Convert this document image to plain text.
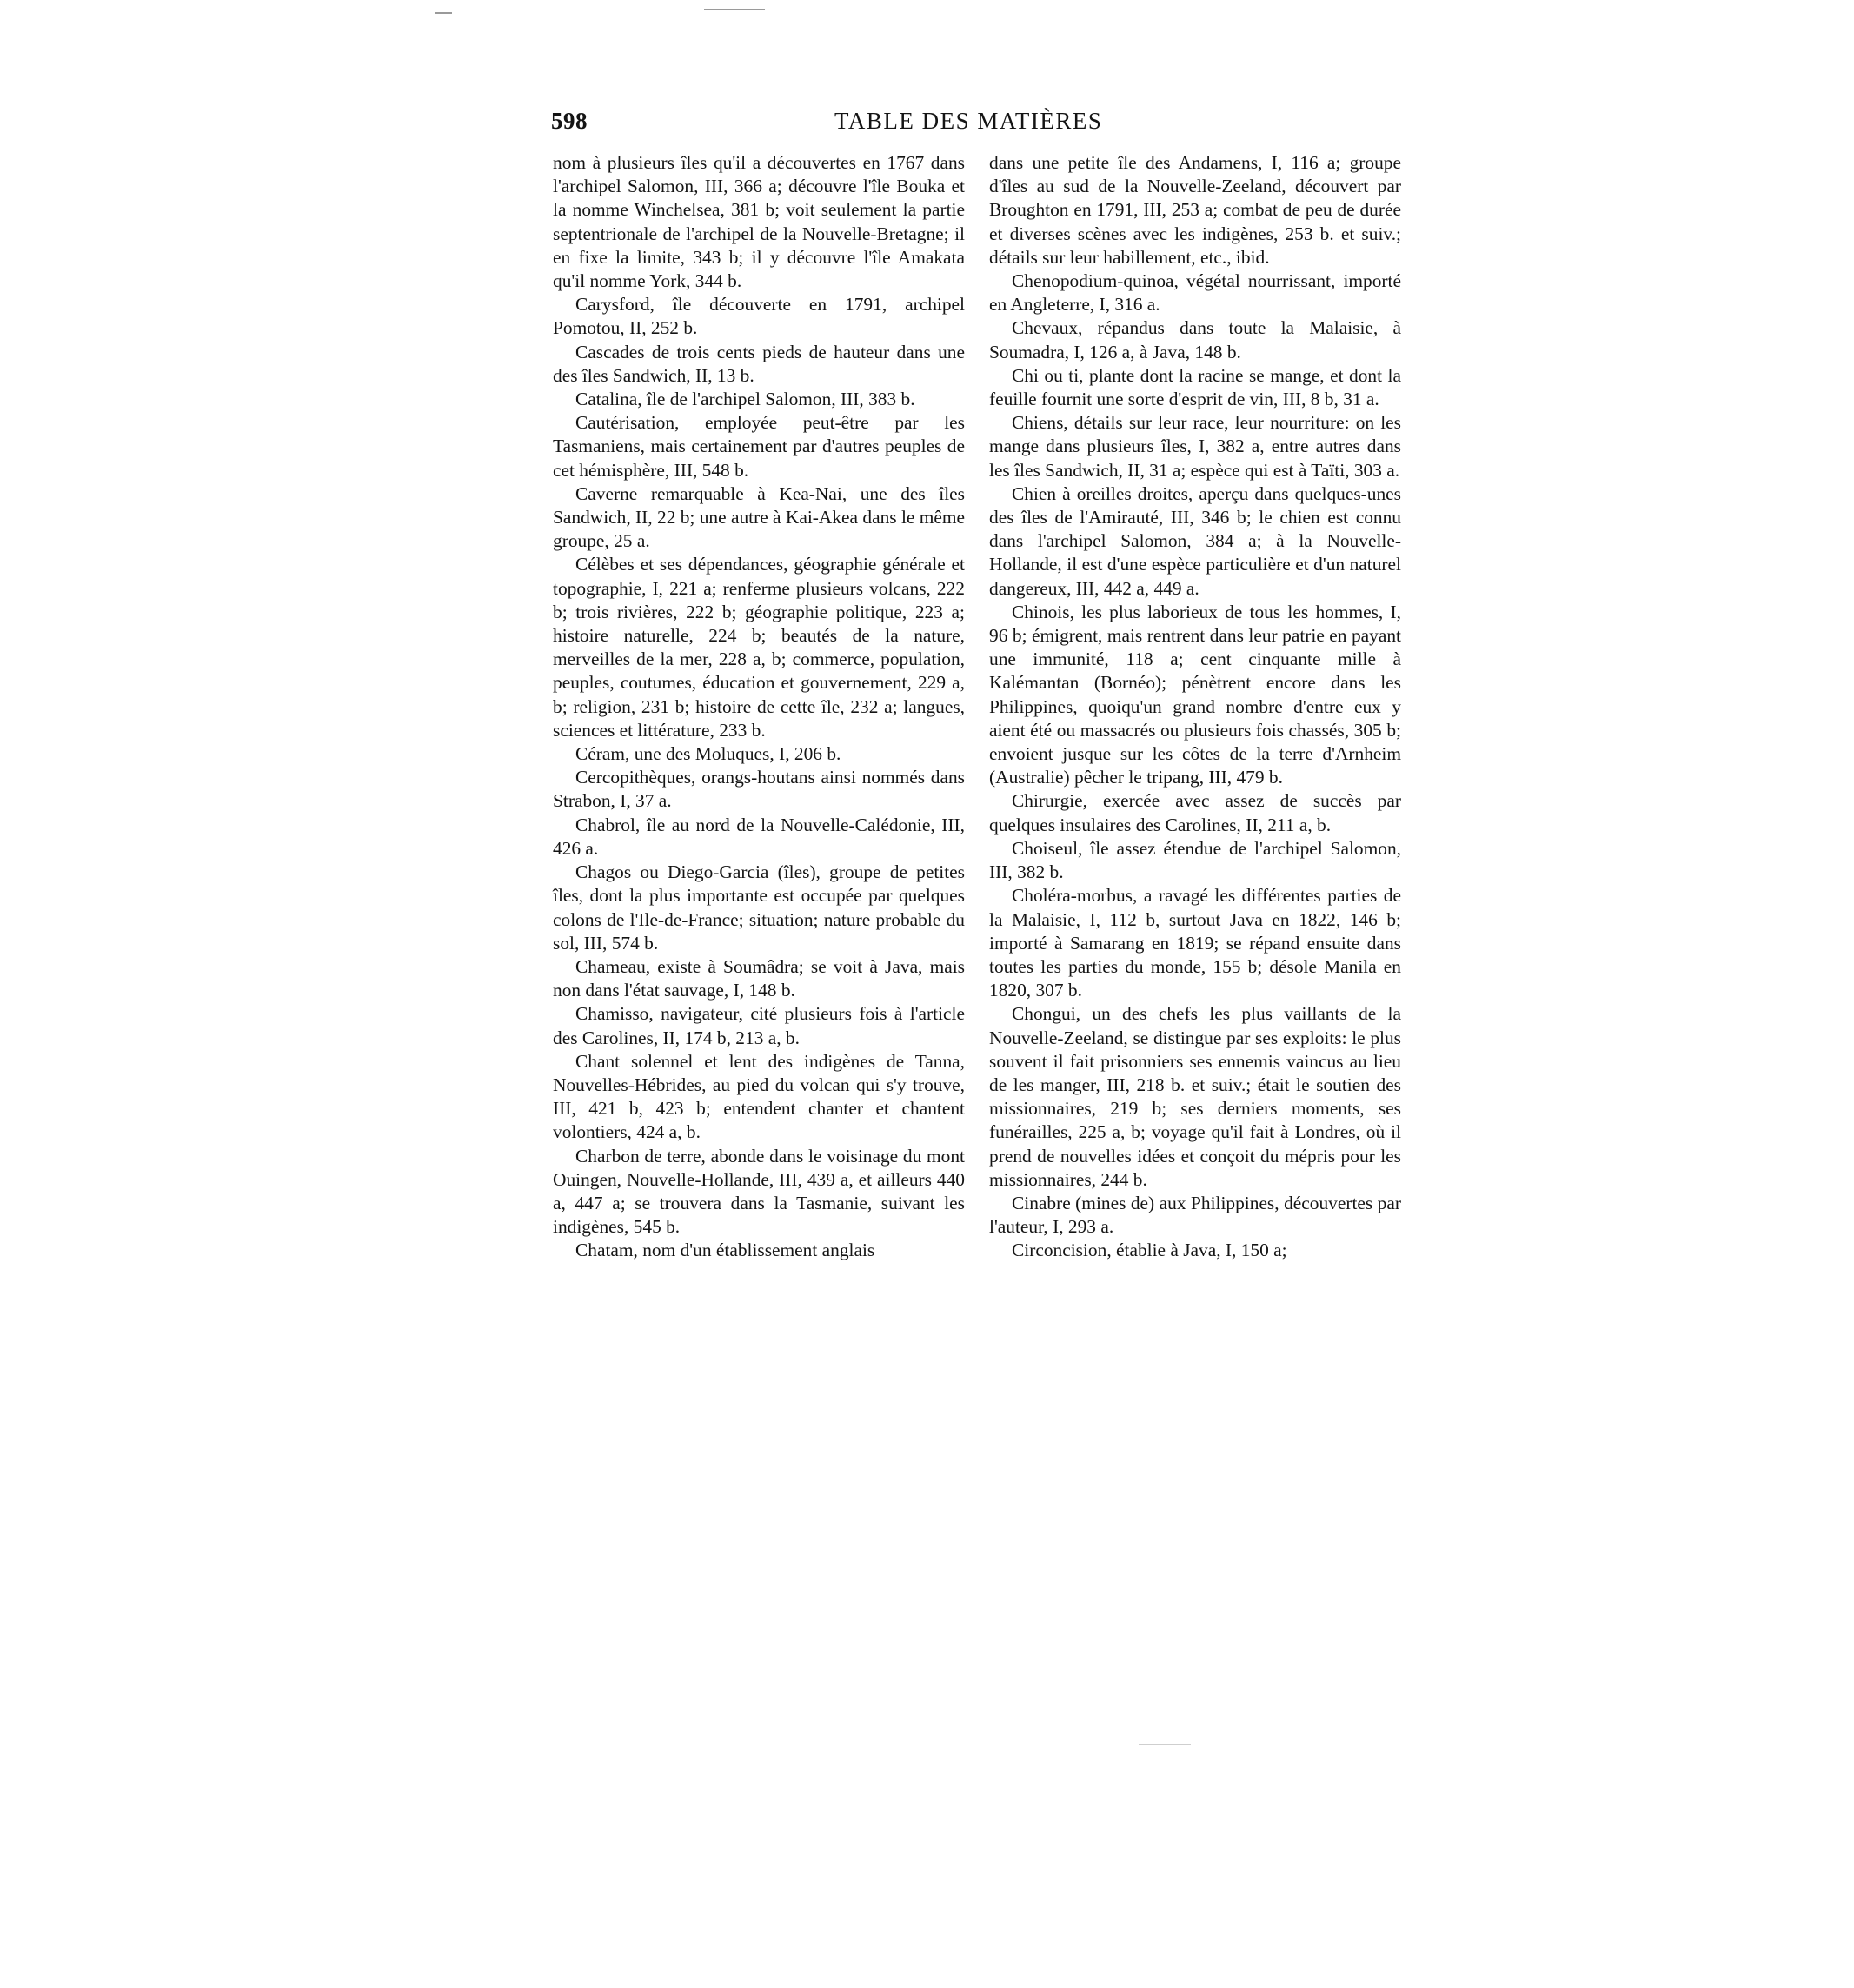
598	TABLE DES MATIÈRES

nom à plusieurs îles qu'il a découvertes en 1767 dans l'archipel Salomon, III, 366 a; découvre l'île Bouka et la nomme Winchelsea, 381 b; voit seulement la partie septentrionale de l'archipel de la Nouvelle-Bretagne; il en fixe la limite, 343 b; il y découvre l'île Amakata qu'il nomme York, 344 b.

Carysford, île découverte en 1791, archipel Pomotou, II, 252 b.

Cascades de trois cents pieds de hauteur dans une des îles Sandwich, II, 13 b.

Catalina, île de l'archipel Salomon, III, 383 b.

Cautérisation, employée peut-être par les Tasmaniens, mais certainement par d'autres peuples de cet hémisphère, III, 548 b.

Caverne remarquable à Kea-Nai, une des îles Sandwich, II, 22 b; une autre à Kai-Akea dans le même groupe, 25 a.

Célèbes et ses dépendances, géographie générale et topographie, I, 221 a; renferme plusieurs volcans, 222 b; trois rivières, 222 b; géographie politique, 223 a; histoire naturelle, 224 b; beautés de la nature, merveilles de la mer, 228 a, b; commerce, population, peuples, coutumes, éducation et gouvernement, 229 a, b; religion, 231 b; histoire de cette île, 232 a; langues, sciences et littérature, 233 b.

Céram, une des Moluques, I, 206 b.

Cercopithèques, orangs-houtans ainsi nommés dans Strabon, I, 37 a.

Chabrol, île au nord de la Nouvelle-Calédonie, III, 426 a.

Chagos ou Diego-Garcia (îles), groupe de petites îles, dont la plus importante est occupée par quelques colons de l'Ile-de-France; situation; nature probable du sol, III, 574 b.

Chameau, existe à Soumâdra; se voit à Java, mais non dans l'état sauvage, I, 148 b.

Chamisso, navigateur, cité plusieurs fois à l'article des Carolines, II, 174 b, 213 a, b.

Chant solennel et lent des indigènes de Tanna, Nouvelles-Hébrides, au pied du volcan qui s'y trouve, III, 421 b, 423 b; entendent chanter et chantent volontiers, 424 a, b.

Charbon de terre, abonde dans le voisinage du mont Ouingen, Nouvelle-Hollande, III, 439 a, et ailleurs 440 a, 447 a; se trouvera dans la Tasmanie, suivant les indigènes, 545 b.

Chatam, nom d'un établissement anglais

dans une petite île des Andamens, I, 116 a; groupe d'îles au sud de la Nouvelle-Zeeland, découvert par Broughton en 1791, III, 253 a; combat de peu de durée et diverses scènes avec les indigènes, 253 b. et suiv.; détails sur leur habillement, etc., ibid.

Chenopodium-quinoa, végétal nourrissant, importé en Angleterre, I, 316 a.

Chevaux, répandus dans toute la Malaisie, à Soumadra, I, 126 a, à Java, 148 b.

Chi ou ti, plante dont la racine se mange, et dont la feuille fournit une sorte d'esprit de vin, III, 8 b, 31 a.

Chiens, détails sur leur race, leur nourriture: on les mange dans plusieurs îles, I, 382 a, entre autres dans les îles Sandwich, II, 31 a; espèce qui est à Taïti, 303 a.

Chien à oreilles droites, aperçu dans quelques-unes des îles de l'Amirauté, III, 346 b; le chien est connu dans l'archipel Salomon, 384 a; à la Nouvelle-Hollande, il est d'une espèce particulière et d'un naturel dangereux, III, 442 a, 449 a.

Chinois, les plus laborieux de tous les hommes, I, 96 b; émigrent, mais rentrent dans leur patrie en payant une immunité, 118 a; cent cinquante mille à Kalémantan (Bornéo); pénètrent encore dans les Philippines, quoiqu'un grand nombre d'entre eux y aient été ou massacrés ou plusieurs fois chassés, 305 b; envoient jusque sur les côtes de la terre d'Arnheim (Australie) pêcher le tripang, III, 479 b.

Chirurgie, exercée avec assez de succès par quelques insulaires des Carolines, II, 211 a, b.

Choiseul, île assez étendue de l'archipel Salomon, III, 382 b.

Choléra-morbus, a ravagé les différentes parties de la Malaisie, I, 112 b, surtout Java en 1822, 146 b; importé à Samarang en 1819; se répand ensuite dans toutes les parties du monde, 155 b; désole Manila en 1820, 307 b.

Chongui, un des chefs les plus vaillants de la Nouvelle-Zeeland, se distingue par ses exploits: le plus souvent il fait prisonniers ses ennemis vaincus au lieu de les manger, III, 218 b. et suiv.; était le soutien des missionnaires, 219 b; ses derniers moments, ses funérailles, 225 a, b; voyage qu'il fait à Londres, où il prend de nouvelles idées et conçoit du mépris pour les missionnaires, 244 b.

Cinabre (mines de) aux Philippines, découvertes par l'auteur, I, 293 a.

Circoncision, établie à Java, I, 150 a;
